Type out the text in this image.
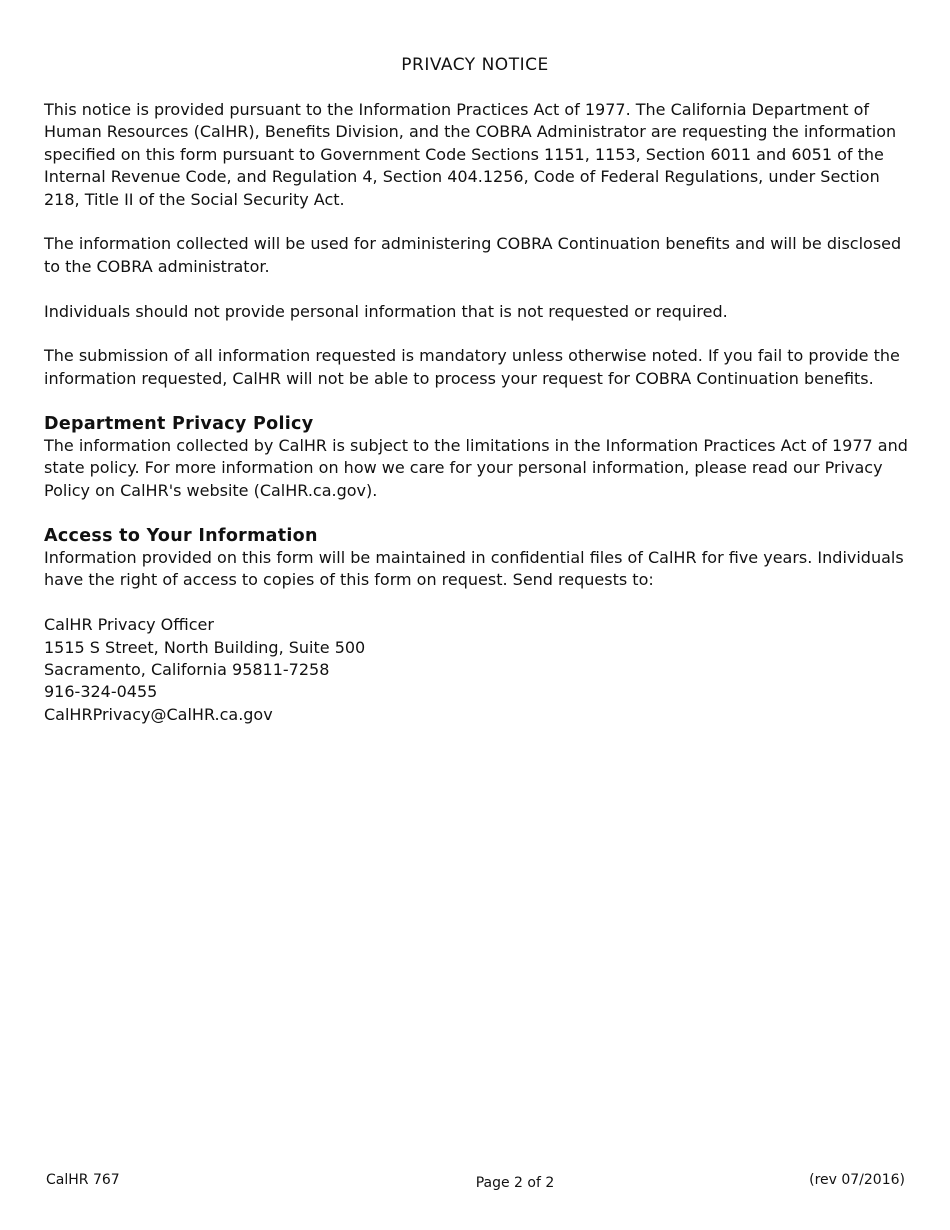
PRIVACY NOTICE

This notice is provided pursuant to the Information Practices Act of 1977. The California Department of Human Resources (CalHR), Benefits Division, and the COBRA Administrator are requesting the information specified on this form pursuant to Government Code Sections 1151, 1153, Section 6011 and 6051 of the Internal Revenue Code, and Regulation 4, Section 404.1256, Code of Federal Regulations, under Section 218, Title II of the Social Security Act.

The information collected will be used for administering COBRA Continuation benefits and will be disclosed to the COBRA administrator.

Individuals should not provide personal information that is not requested or required.

The submission of all information requested is mandatory unless otherwise noted. If you fail to provide the information requested, CalHR will not be able to process your request for COBRA Continuation benefits.

Department Privacy Policy

The information collected by CalHR is subject to the limitations in the Information Practices Act of 1977 and state policy. For more information on how we care for your personal information, please read our Privacy Policy on CalHR's website (CalHR.ca.gov).

Access to Your Information

Information provided on this form will be maintained in confidential files of CalHR for five years. Individuals have the right of access to copies of this form on request. Send requests to:

CalHR Privacy Officer
1515 S Street, North Building, Suite 500
Sacramento, California 95811-7258
916-324-0455
CalHRPrivacy@CalHR.ca.gov
CalHR 767	Page 2 of 2	(rev 07/2016)
